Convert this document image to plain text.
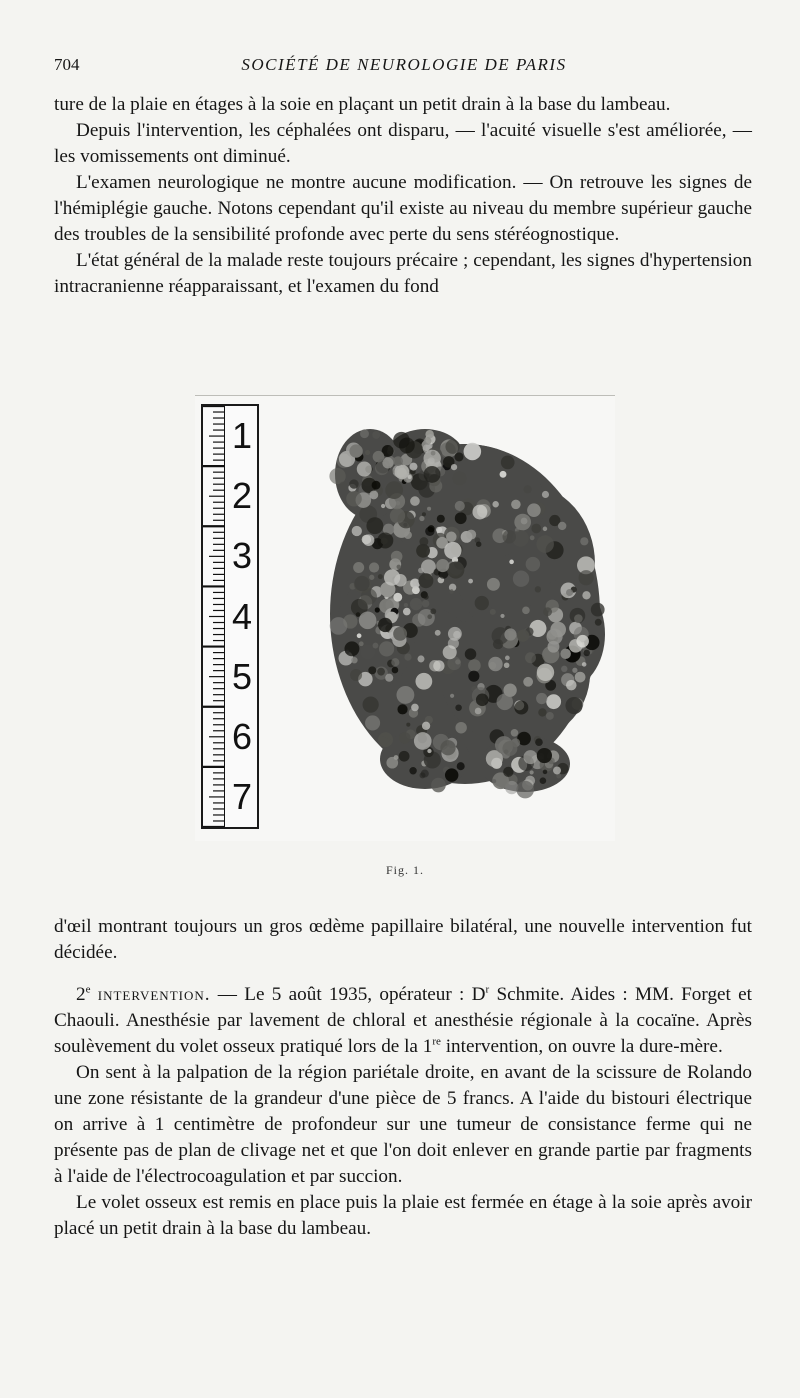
704	SOCIÉTÉ DE NEUROLOGIE DE PARIS

ture de la plaie en étages à la soie en plaçant un petit drain à la base du lambeau.

Depuis l'intervention, les céphalées ont disparu, — l'acuité visuelle s'est améliorée, — les vomissements ont diminué.

L'examen neurologique ne montre aucune modification. — On retrouve les signes de l'hémiplégie gauche. Notons cependant qu'il existe au niveau du membre supérieur gauche des troubles de la sensibilité profonde avec perte du sens stéréognostique.

L'état général de la malade reste toujours précaire ; cependant, les signes d'hypertension intracranienne réapparaissant, et l'examen du fond

1
2
3
4
5
6
7
Fig. 1.

d'œil montrant toujours un gros œdème papillaire bilatéral, une nouvelle intervention fut décidée.

2e intervention. — Le 5 août 1935, opérateur : $D^r$ Schmite. Aides : MM. Forget et Chaouli. Anesthésie par lavement de chloral et anesthésie régionale à la cocaïne. Après soulèvement du volet osseux pratiqué lors de la 1re intervention, on ouvre la dure-mère.

On sent à la palpation de la région pariétale droite, en avant de la scissure de Rolando une zone résistante de la grandeur d'une pièce de 5 francs. A l'aide du bistouri électrique on arrive à 1 centimètre de profondeur sur une tumeur de consistance ferme qui ne présente pas de plan de clivage net et que l'on doit enlever en grande partie par fragments à l'aide de l'électrocoagulation et par succion.

Le volet osseux est remis en place puis la plaie est fermée en étage à la soie après avoir placé un petit drain à la base du lambeau.
